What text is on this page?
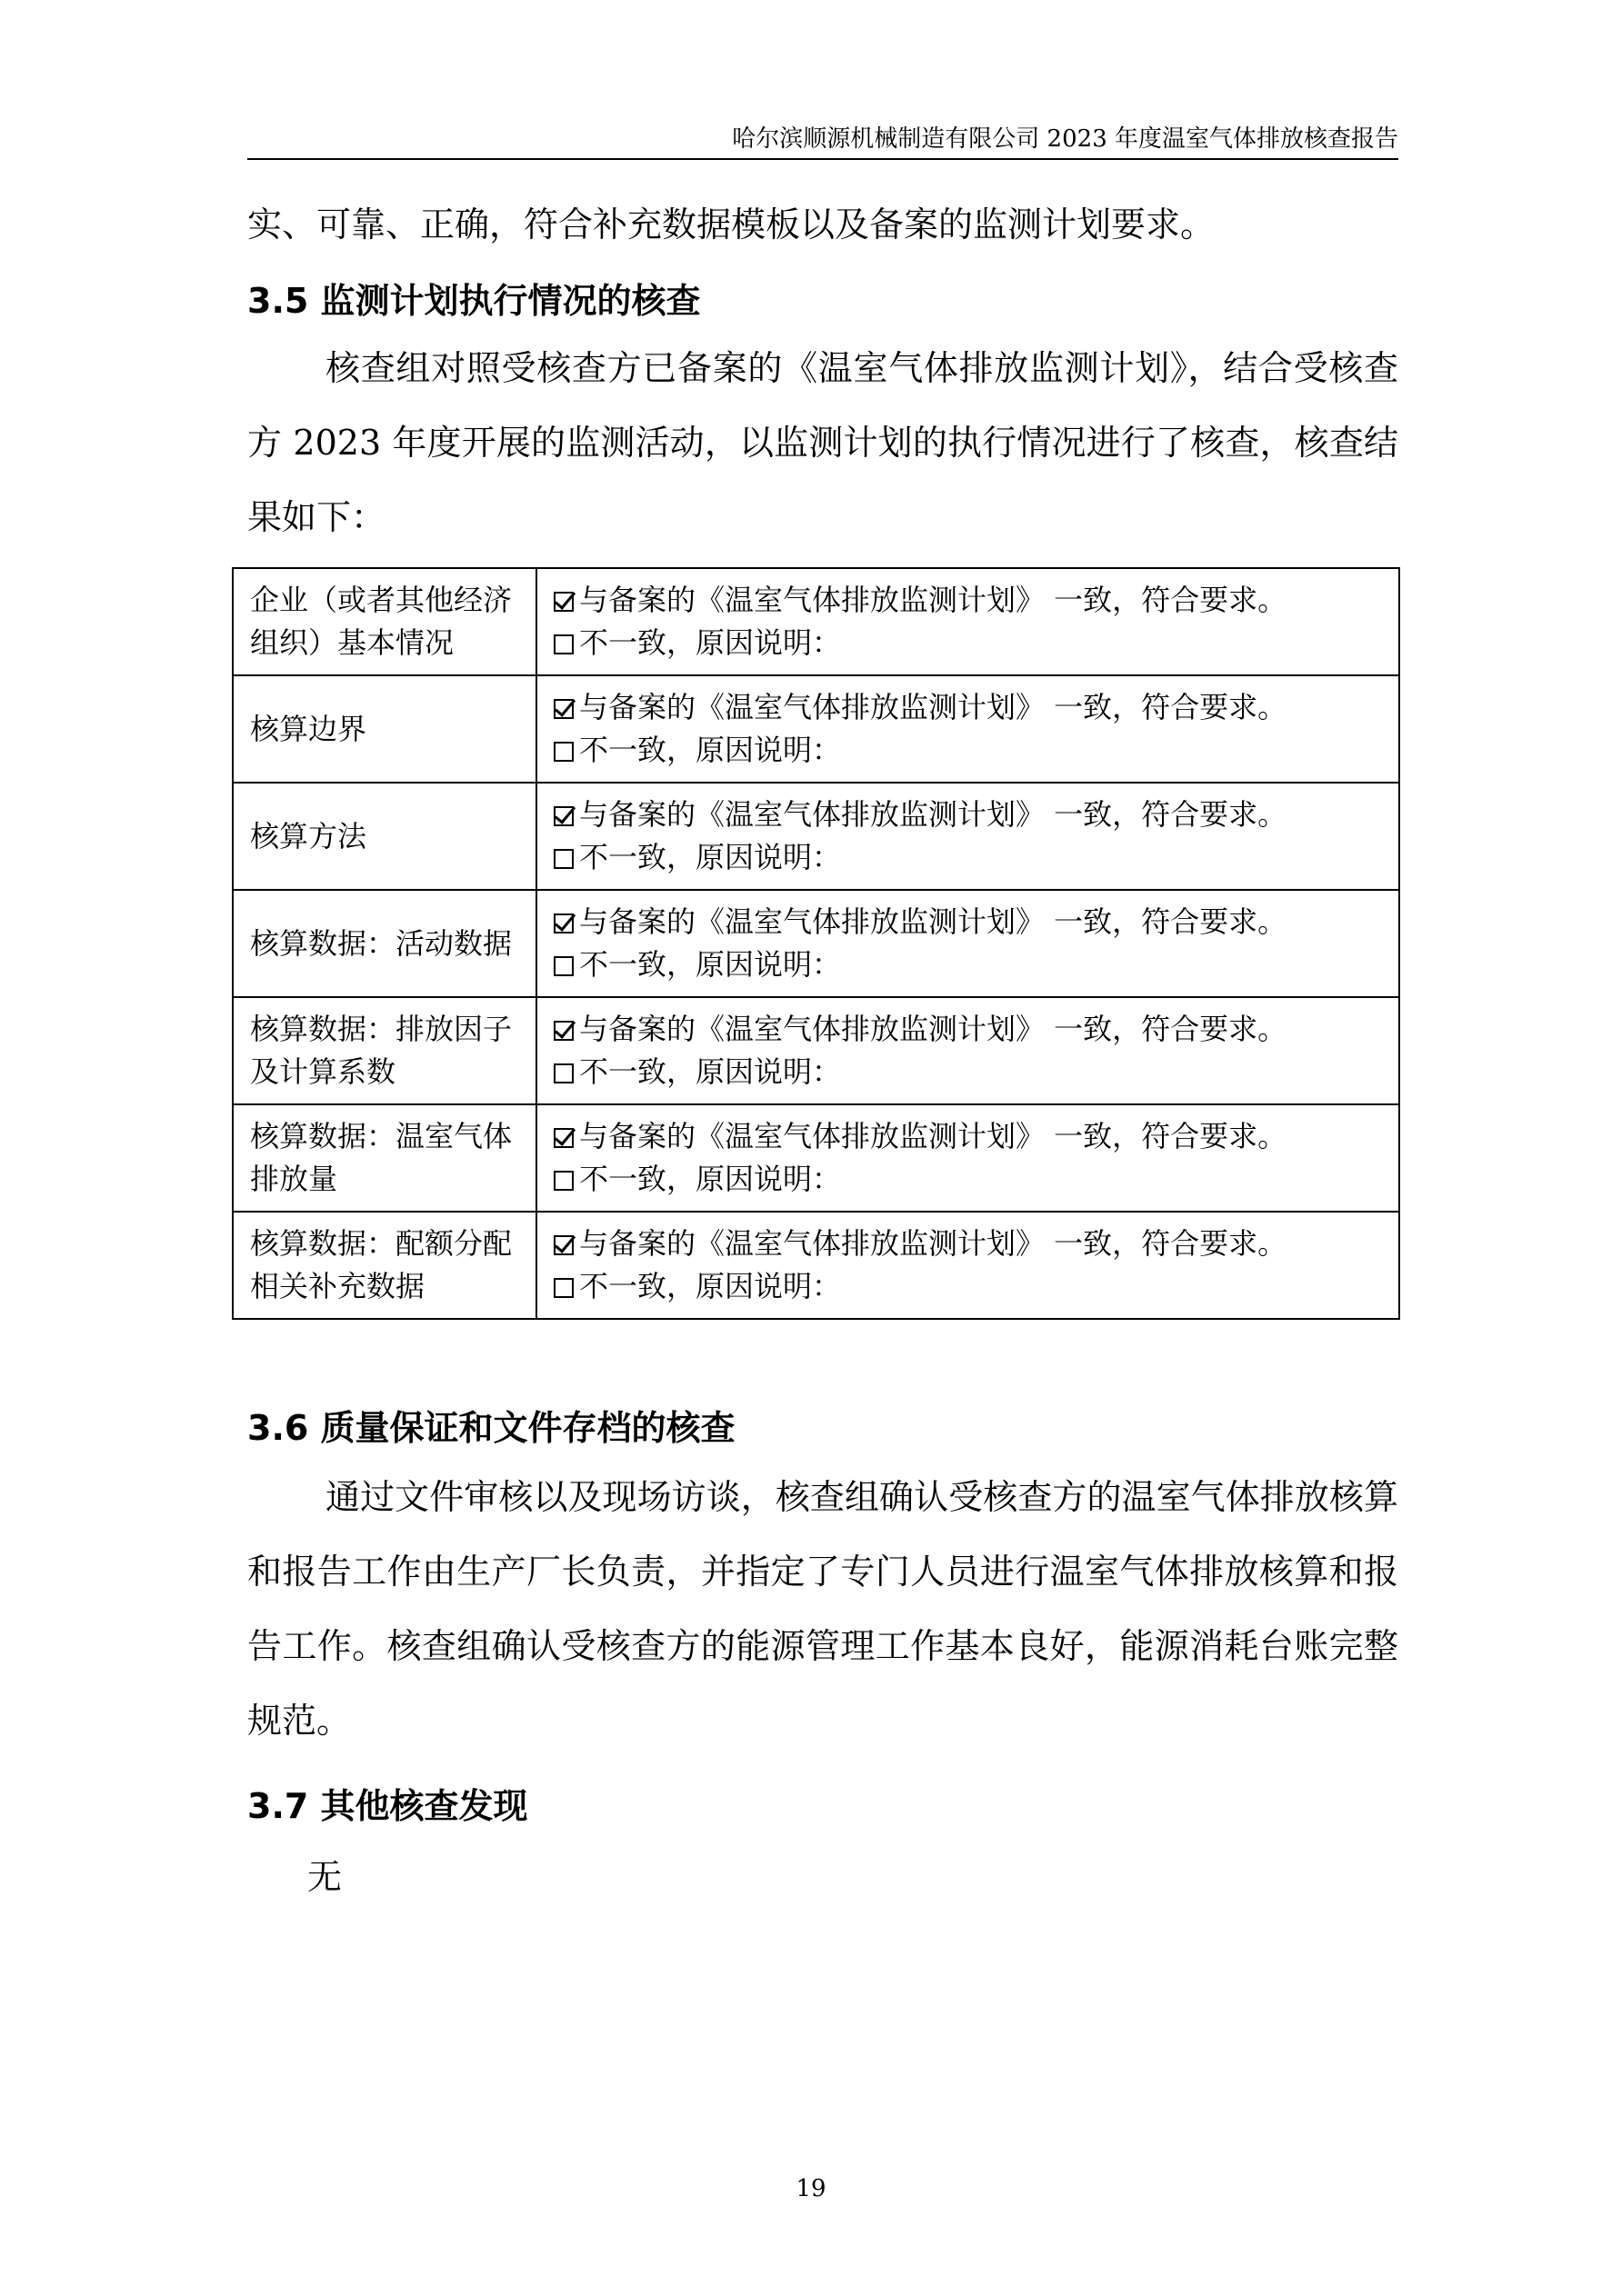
哈尔滨顺源机械制造有限公司 2023 年度温室气体排放核查报告

实、可靠、正确，符合补充数据模板以及备案的监测计划要求。

3.5 监测计划执行情况的核查

核查组对照受核查方已备案的《温室气体排放监测计划》，结合受核查方 2023 年度开展的监测活动，以监测计划的执行情况进行了核查，核查结果如下：

企业（或者其他经济组织）基本情况	与备案的《温室气体排放监测计划》 一致，符合要求。
不一致，原因说明：

核算边界	与备案的《温室气体排放监测计划》 一致，符合要求。
不一致，原因说明：

核算方法	与备案的《温室气体排放监测计划》 一致，符合要求。
不一致，原因说明：

核算数据：活动数据	与备案的《温室气体排放监测计划》 一致，符合要求。
不一致，原因说明：

核算数据：排放因子及计算系数	与备案的《温室气体排放监测计划》 一致，符合要求。
不一致，原因说明：

核算数据：温室气体排放量	与备案的《温室气体排放监测计划》 一致，符合要求。
不一致，原因说明：

核算数据：配额分配相关补充数据	与备案的《温室气体排放监测计划》 一致，符合要求。
不一致，原因说明：
3.6 质量保证和文件存档的核查

通过文件审核以及现场访谈，核查组确认受核查方的温室气体排放核算和报告工作由生产厂长负责，并指定了专门人员进行温室气体排放核算和报告工作。核查组确认受核查方的能源管理工作基本良好，能源消耗台账完整规范。

3.7 其他核查发现

无

19
